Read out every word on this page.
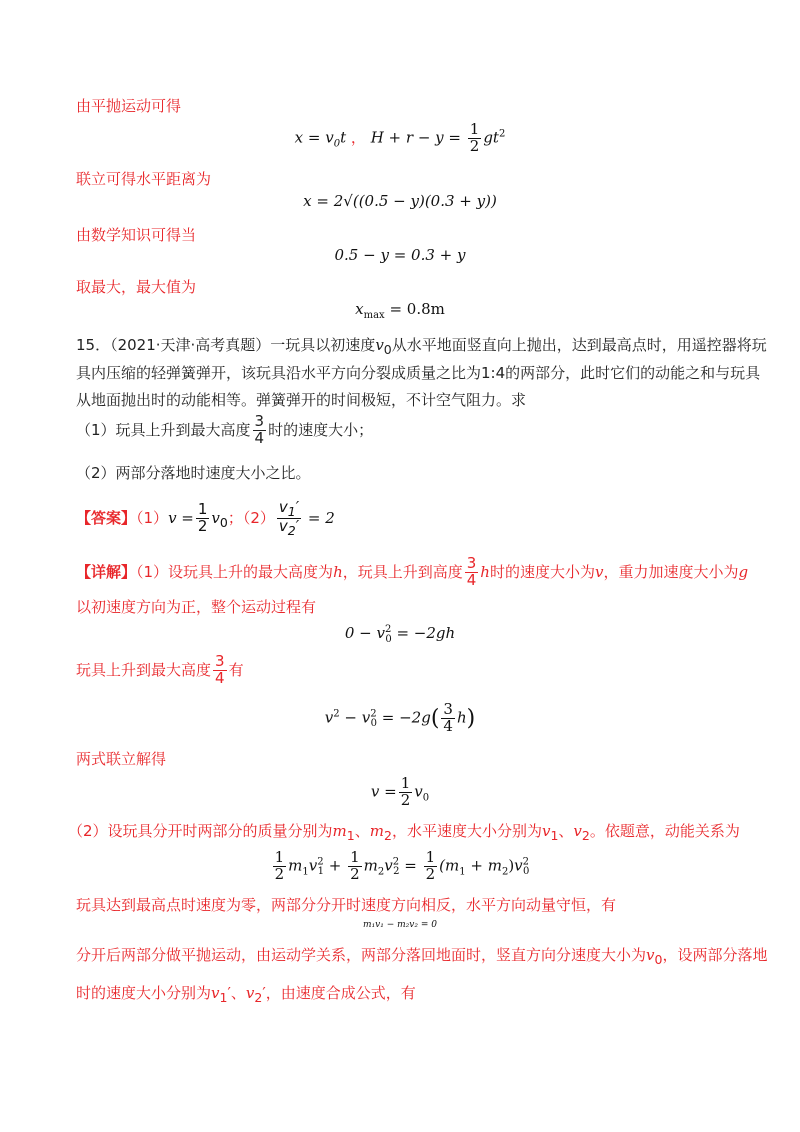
由平抛运动可得
$x = v_0t$ ， $H + r - y = \frac{1}{2} gt^2$
联立可得水平距离为
x = 2√((0.5 − y)(0.3 + y))
由数学知识可得当
0.5 − y = 0.3 + y
取最大，最大值为
$x_{max} = 0.8m$
15．（2021·天津·高考真题）一玩具以初速度$v_0$从水平地面竖直向上抛出，达到最高点时，用遥控器将玩
具内压缩的轻弹簧弹开，该玩具沿水平方向分裂成质量之比为1:4的两部分，此时它们的动能之和与玩具
从地面抛出时的动能相等。弹簧弹开的时间极短，不计空气阻力。求
（1）玩具上升到最大高度 $\frac{3}{4}$ 时的速度大小；
（2）两部分落地时速度大小之比。
【答案】$(1)v = \frac{1}{2} v_0$；$(2) \frac{v_1'}{v_2'} = 2$
【详解】（1）设玩具上升的最大高度为h，玩具上升到高度 $\frac{3}{4}$ h时的速度大小为v，重力加速度大小为g
以初速度方向为正，整个运动过程有
$0 - v^2_0 = -2gh$
玩具上升到最大高度 $\frac{3}{4}$ 有
$v^2 - v^2_0 = -2g( \frac{3}{4} h)$
两式联立解得
$v = \frac{1}{2} v_0$
（2）设玩具分开时两部分的质量分别为$m_1$、$m_2$，水平速度大小分别为$v_1$、$v_2$。依题意，动能关系为
$\frac{1}{2} m_1v^2_1 + \frac{1}{2} m_2v^2_2 = \frac{1}{2} (m_1 + m_2)v^2_0$
玩具达到最高点时速度为零，两部分分开时速度方向相反，水平方向动量守恒，有
m₁v₁ − m₂v₂ = 0
分开后两部分做平抛运动，由运动学关系，两部分落回地面时，竖直方向分速度大小为$v_0$，设两部分落地
时的速度大小分别为$v_1'$、$v_2'$，由速度合成公式，有
